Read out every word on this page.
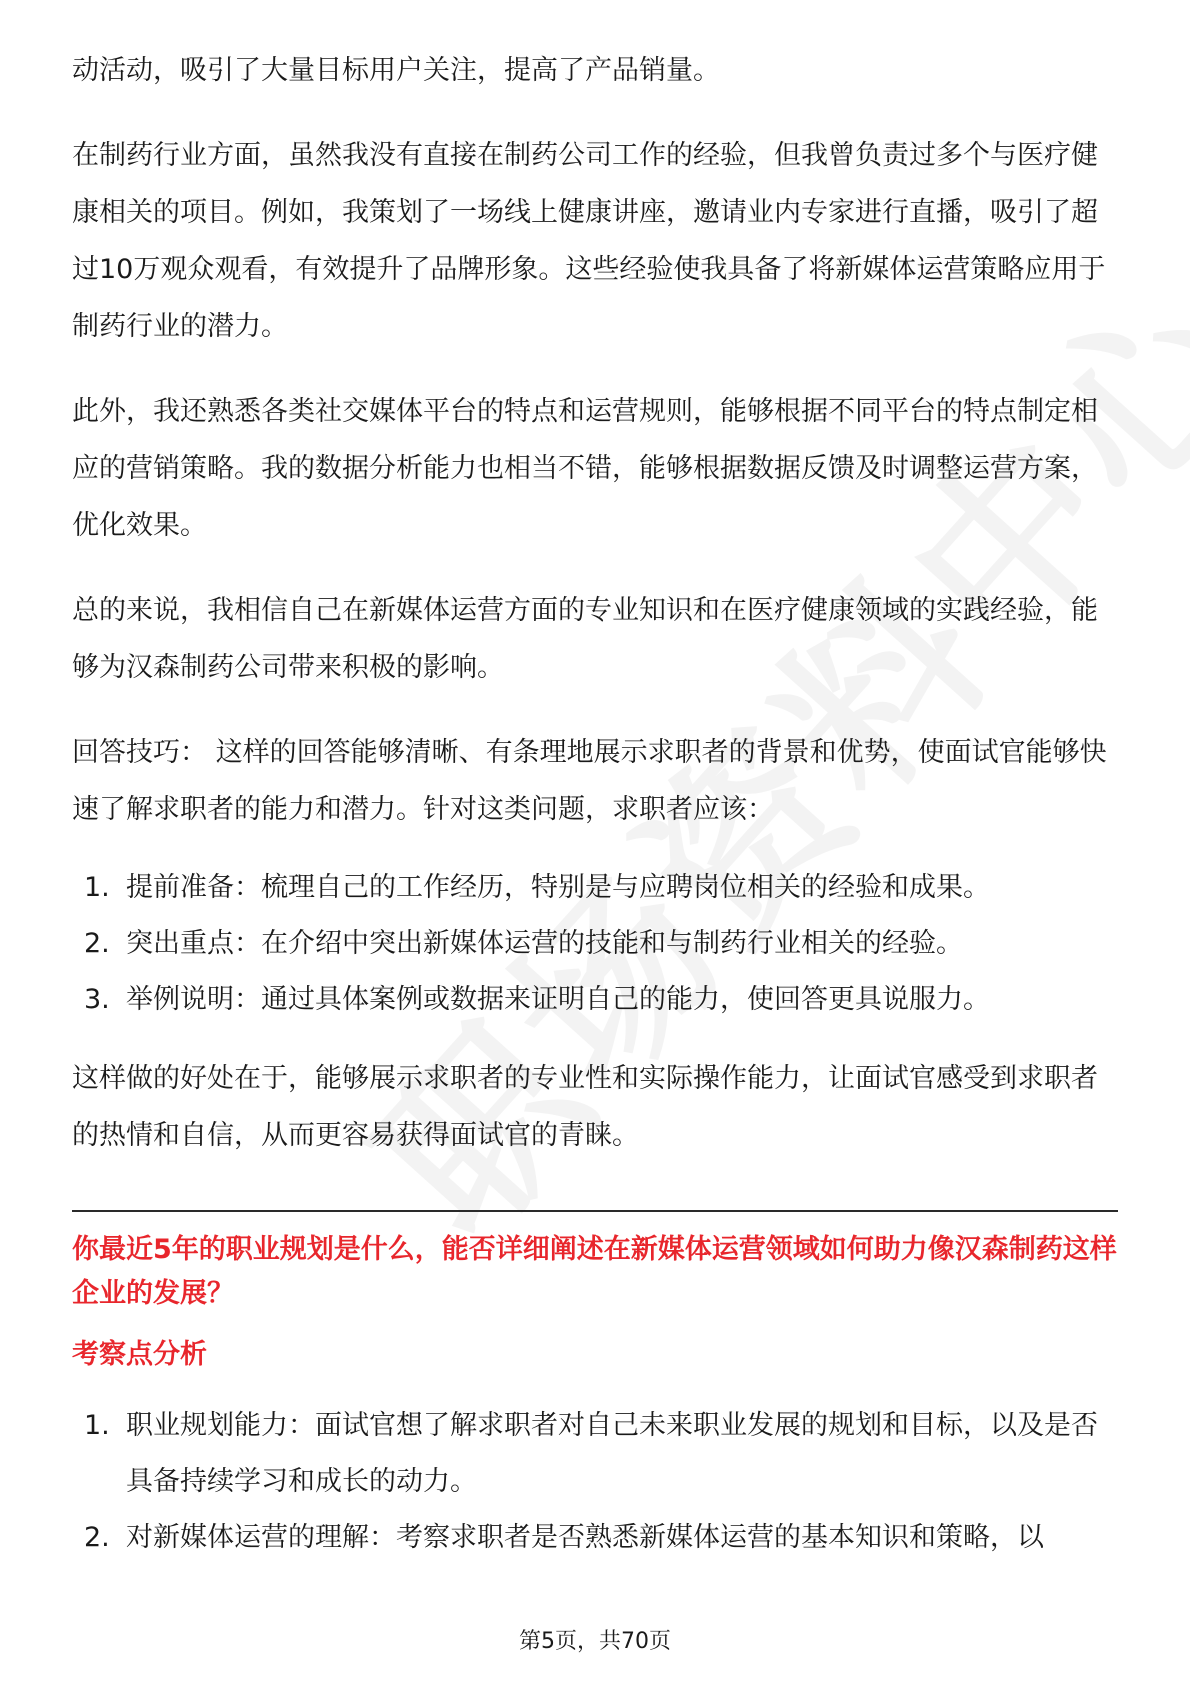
动活动，吸引了大量目标用户关注，提高了产品销量。

在制药行业方面，虽然我没有直接在制药公司工作的经验，但我曾负责过多个与医疗健康相关的项目。例如，我策划了一场线上健康讲座，邀请业内专家进行直播，吸引了超过10万观众观看，有效提升了品牌形象。这些经验使我具备了将新媒体运营策略应用于制药行业的潜力。

此外，我还熟悉各类社交媒体平台的特点和运营规则，能够根据不同平台的特点制定相应的营销策略。我的数据分析能力也相当不错，能够根据数据反馈及时调整运营方案，优化效果。

总的来说，我相信自己在新媒体运营方面的专业知识和在医疗健康领域的实践经验，能够为汉森制药公司带来积极的影响。

回答技巧： 这样的回答能够清晰、有条理地展示求职者的背景和优势，使面试官能够快速了解求职者的能力和潜力。针对这类问题，求职者应该：

1. 提前准备：梳理自己的工作经历，特别是与应聘岗位相关的经验和成果。
2. 突出重点：在介绍中突出新媒体运营的技能和与制药行业相关的经验。
3. 举例说明：通过具体案例或数据来证明自己的能力，使回答更具说服力。

这样做的好处在于，能够展示求职者的专业性和实际操作能力，让面试官感受到求职者的热情和自信，从而更容易获得面试官的青睐。

你最近5年的职业规划是什么，能否详细阐述在新媒体运营领域如何助力像汉森制药这样企业的发展？

考察点分析

1. 职业规划能力：面试官想了解求职者对自己未来职业发展的规划和目标，以及是否具备持续学习和成长的动力。
2. 对新媒体运营的理解：考察求职者是否熟悉新媒体运营的基本知识和策略，以
第5页，共70页
